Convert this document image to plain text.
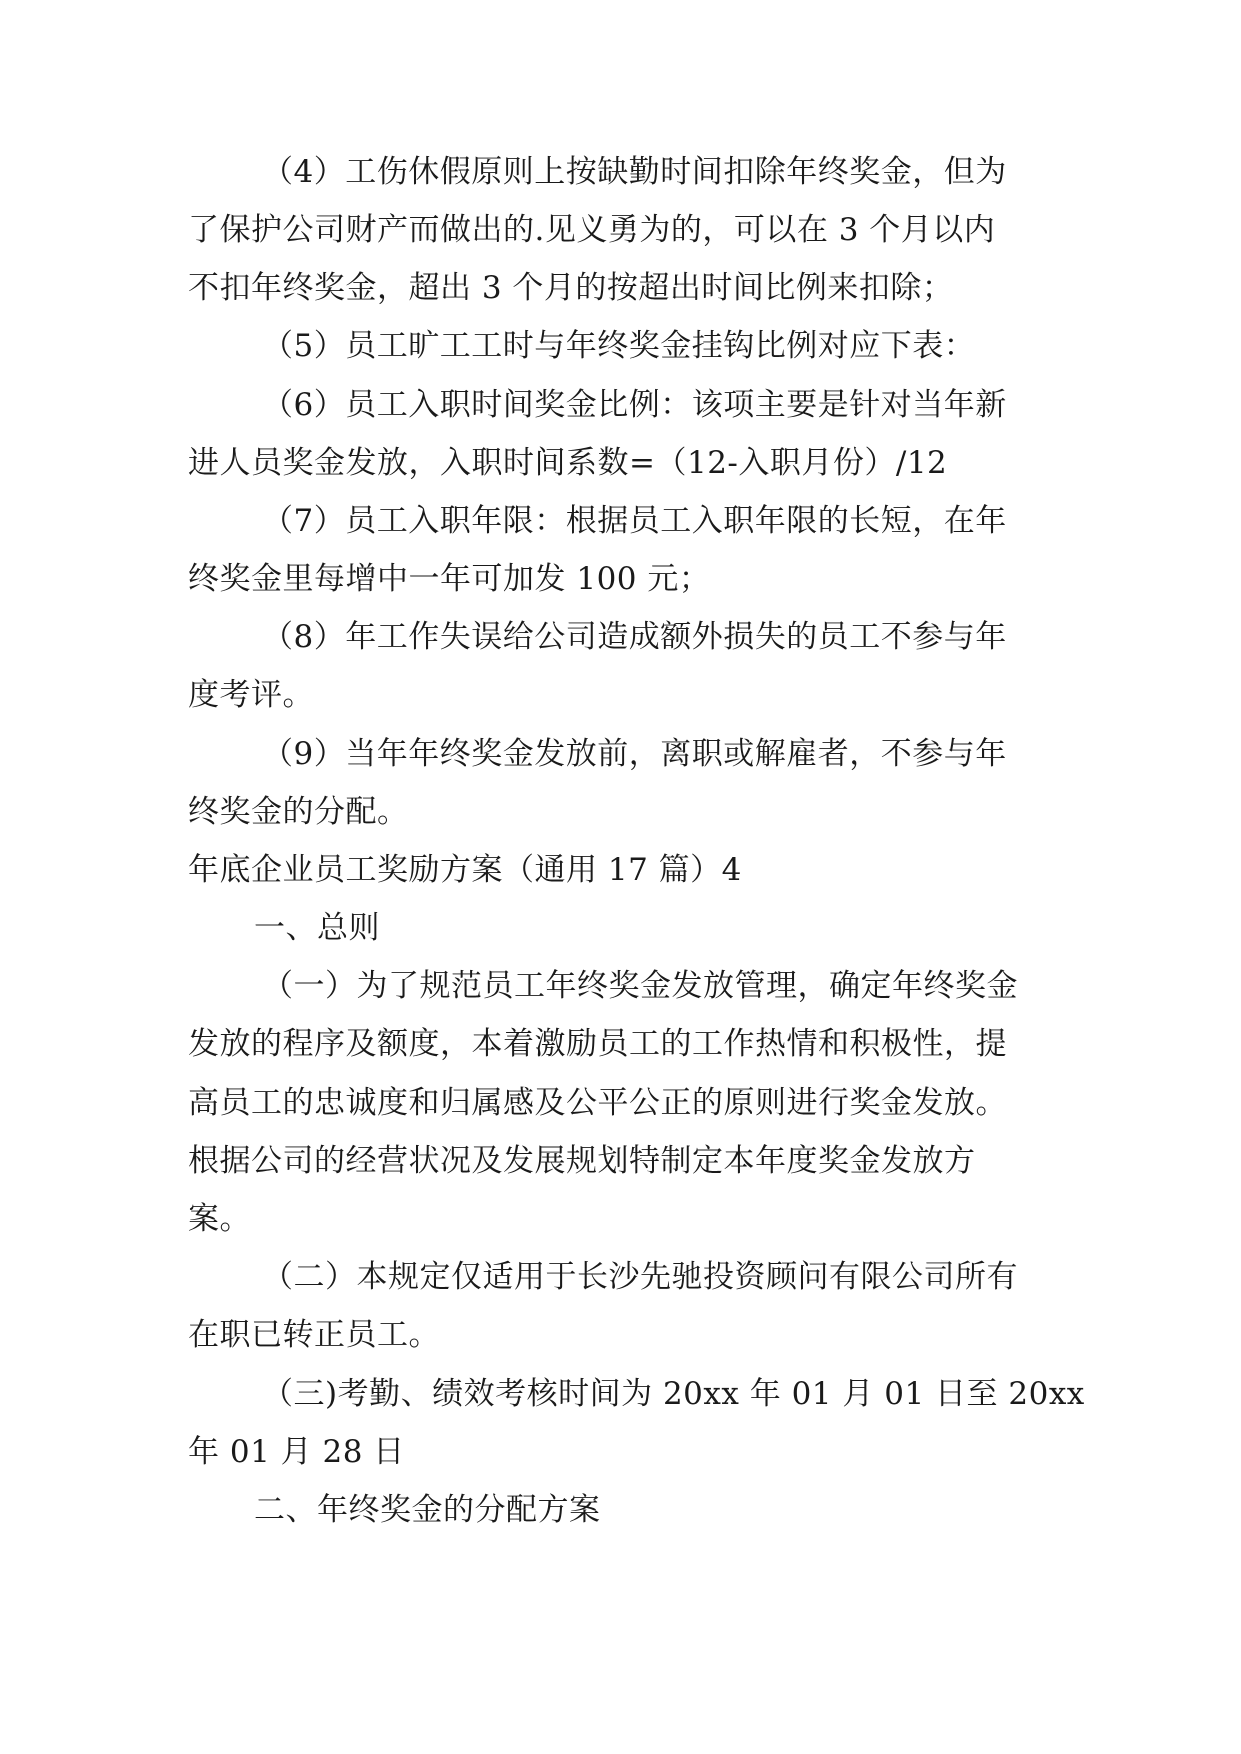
（4）工伤休假原则上按缺勤时间扣除年终奖金，但为
了保护公司财产而做出的.见义勇为的，可以在 3 个月以内
不扣年终奖金，超出 3 个月的按超出时间比例来扣除；
（5）员工旷工工时与年终奖金挂钩比例对应下表：
（6）员工入职时间奖金比例：该项主要是针对当年新
进人员奖金发放，入职时间系数=（12-入职月份）/12
（7）员工入职年限：根据员工入职年限的长短，在年
终奖金里每增中一年可加发 100 元；
（8）年工作失误给公司造成额外损失的员工不参与年
度考评。
（9）当年年终奖金发放前，离职或解雇者，不参与年
终奖金的分配。
年底企业员工奖励方案（通用 17 篇）4
一、总则
（一）为了规范员工年终奖金发放管理，确定年终奖金
发放的程序及额度，本着激励员工的工作热情和积极性，提
高员工的忠诚度和归属感及公平公正的原则进行奖金发放。
根据公司的经营状况及发展规划特制定本年度奖金发放方
案。
（二）本规定仅适用于长沙先驰投资顾问有限公司所有
在职已转正员工。
（三)考勤、绩效考核时间为 20xx 年 01 月 01 日至 20xx
年 01 月 28 日
二、年终奖金的分配方案
